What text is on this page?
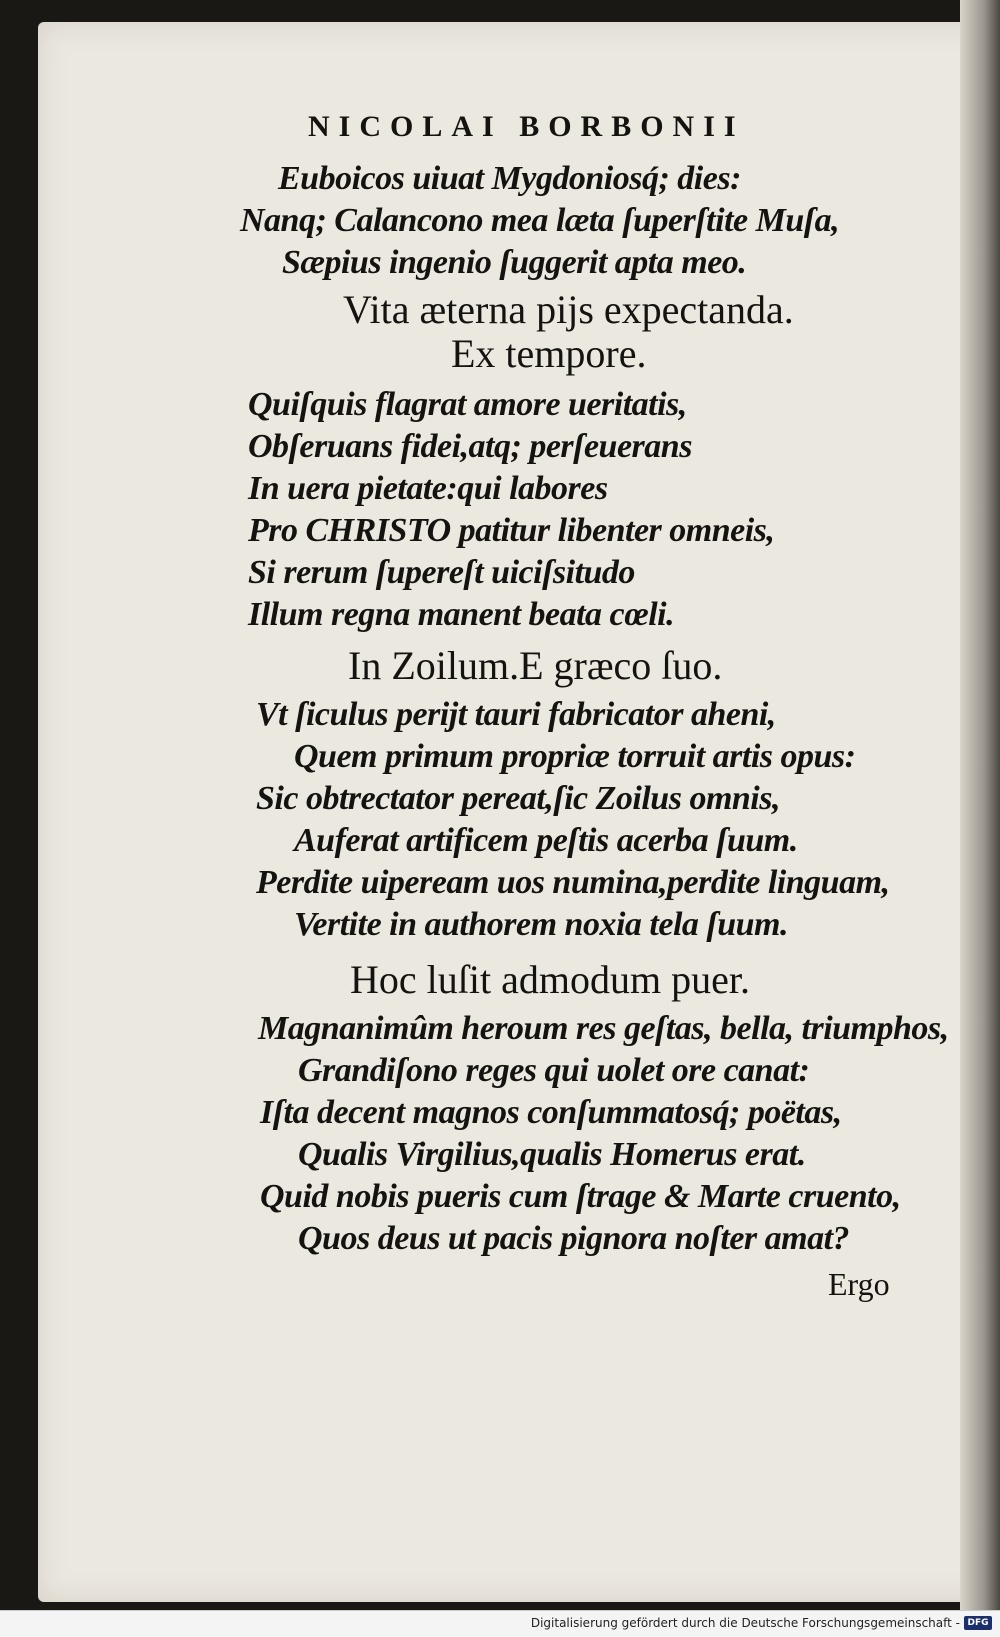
NICOLAI BORBONII
Euboicos uiuat Mygdoniosq́; dies:
Nanq; Calancono mea læta ſuperſtite Muſa,
Sæpius ingenio ſuggerit apta meo.
Vita æterna pijs expectanda.
Ex tempore.
Quiſquis flagrat amore ueritatis,
Obſeruans fidei,atq; perſeuerans
In uera pietate:qui labores
Pro CHRISTO patitur libenter omneis,
Si rerum ſupereſt uiciſsitudo
Illum regna manent beata cœli.
In Zoilum.E græco ſuo.
Vt ſiculus perijt tauri fabricator aheni,
Quem primum propriæ torruit artis opus:
Sic obtrectator pereat,ſic Zoilus omnis,
Auferat artificem peſtis acerba ſuum.
Perdite uipeream uos numina,perdite linguam,
Vertite in authorem noxia tela ſuum.
Hoc luſit admodum puer.
Magnanimûm heroum res geſtas, bella, triumphos,
Grandiſono reges qui uolet ore canat:
Iſta decent magnos conſummatosq́; poëtas,
Qualis Virgilius,qualis Homerus erat.
Quid nobis pueris cum ſtrage & Marte cruento,
Quos deus ut pacis pignora noſter amat?
Ergo
Digitalisierung gefördert durch die Deutsche Forschungsgemeinschaft - DFG
